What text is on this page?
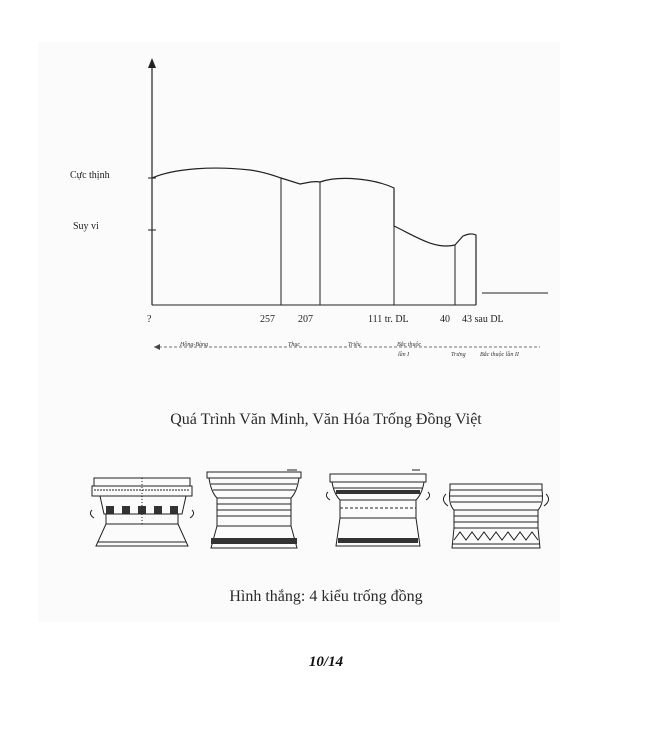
Cực thịnh
Suy vi
?	257 207	111 tr. DL	40 43 sau DL
Hồng-Bàng	Thục	Triệu	Bắc thuộc
lần I	Trưng Bắc thuộc lần II
Quá Trình Văn Minh, Văn Hóa Trống Đồng Việt
Hình thắng: 4 kiểu trống đồng
10/14
